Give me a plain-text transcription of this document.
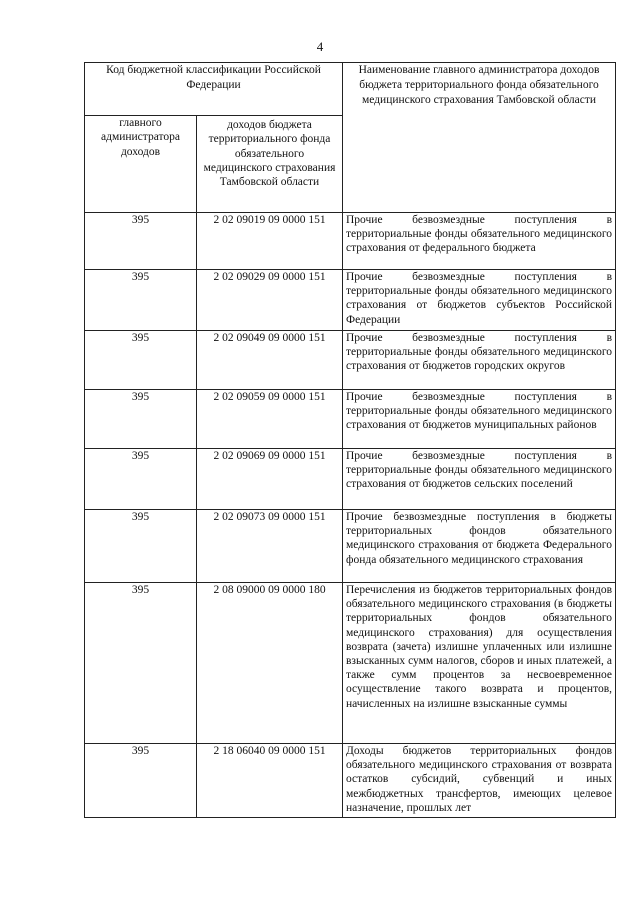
4
Код бюджетной классификации Российской Федерации		Наименование главного администратора доходов бюджета территориального фонда обязательного медицинского страхования Тамбовской области
главного администратора доходов	доходов бюджета территориального фонда обязательного медицинского страхования Тамбовской области	
395	2 02 09019 09 0000 151	Прочие безвозмездные поступления в территориальные фонды обязательного медицинского страхования от федерального бюджета
395	2 02 09029 09 0000 151	Прочие безвозмездные поступления в территориальные фонды обязательного медицинского страхования от бюджетов субъектов Российской Федерации
395	2 02 09049 09 0000 151	Прочие безвозмездные поступления в территориальные фонды обязательного медицинского страхования от бюджетов городских округов
395	2 02 09059 09 0000 151	Прочие безвозмездные поступления в территориальные фонды обязательного медицинского страхования от бюджетов муниципальных районов
395	2 02 09069 09 0000 151	Прочие безвозмездные поступления в территориальные фонды обязательного медицинского страхования от бюджетов сельских поселений
395	2 02 09073 09 0000 151	Прочие безвозмездные поступления в бюджеты территориальных фондов обязательного медицинского страхования от бюджета Федерального фонда обязательного медицинского страхования
395	2 08 09000 09 0000 180	Перечисления из бюджетов территориальных фондов обязательного медицинского страхования (в бюджеты территориальных фондов обязательного медицинского страхования) для осуществления возврата (зачета) излишне уплаченных или излишне взысканных сумм налогов, сборов и иных платежей, а также сумм процентов за несвоевременное осуществление такого возврата и процентов, начисленных на излишне взысканные суммы
395	2 18 06040 09 0000 151	Доходы бюджетов территориальных фондов обязательного медицинского страхования от возврата остатков субсидий, субвенций и иных межбюджетных трансфертов, имеющих целевое назначение, прошлых лет
